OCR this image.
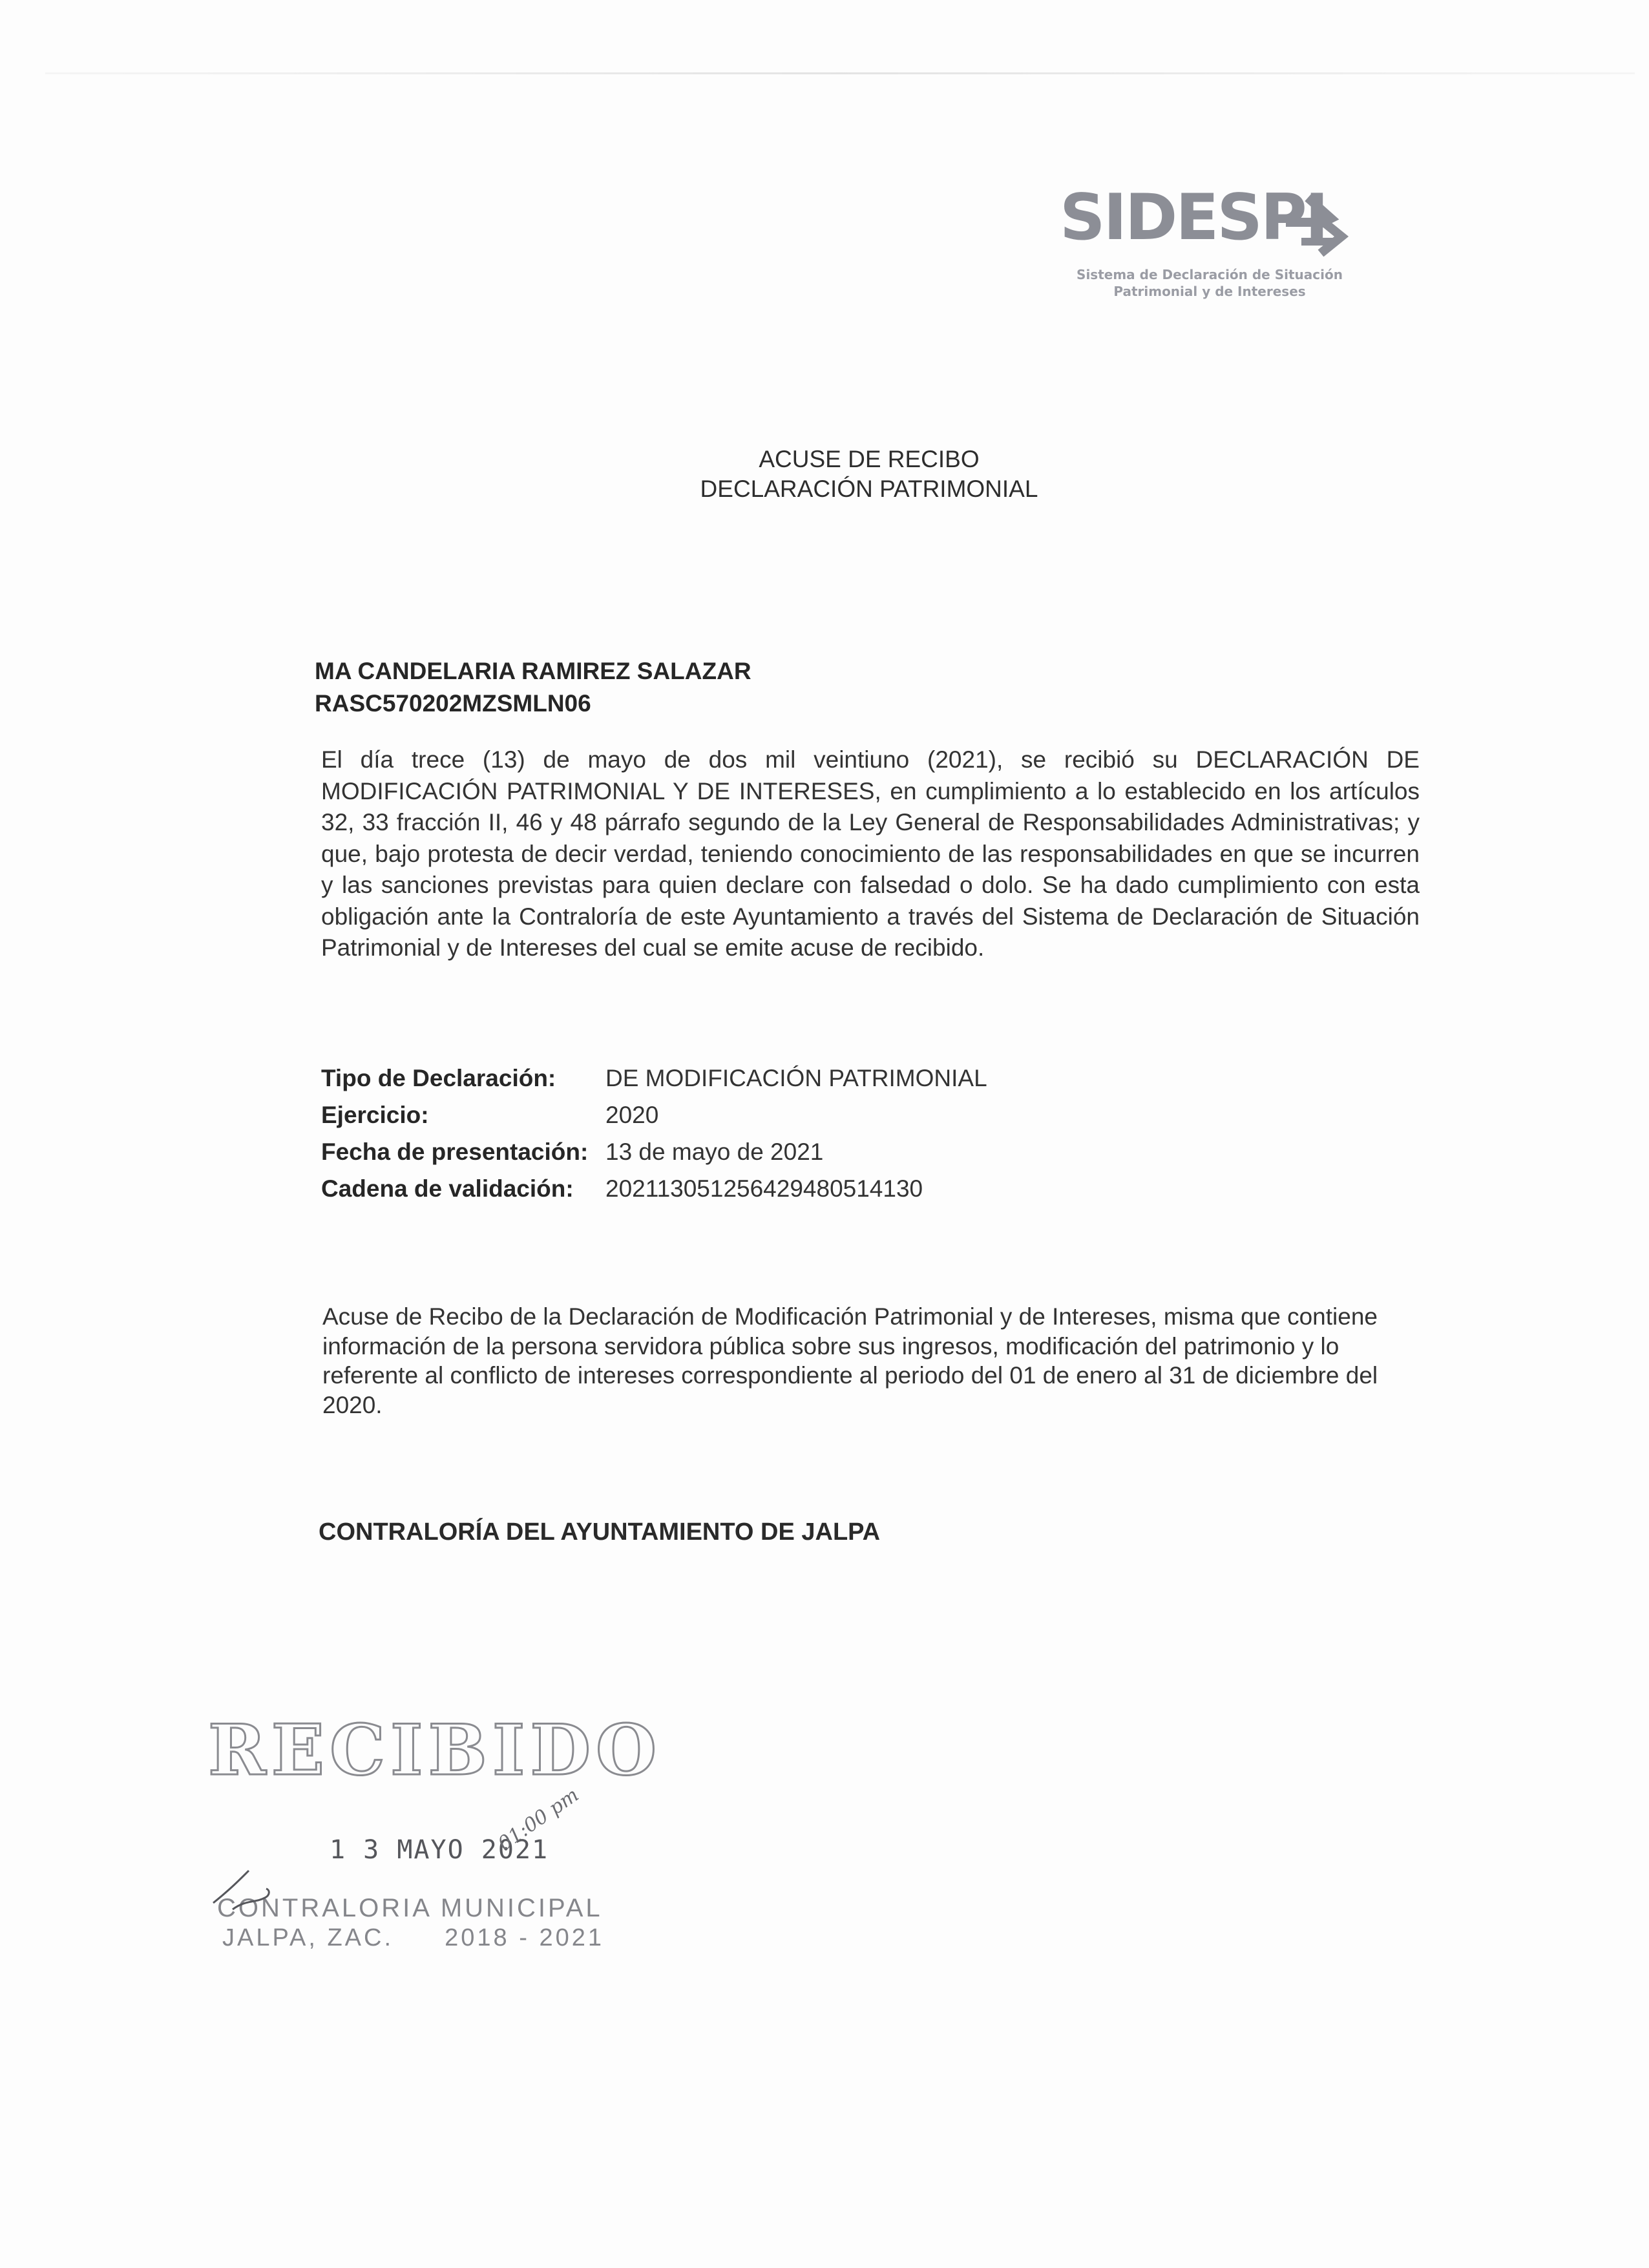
SIDESPI
Sistema de Declaración de Situación
Patrimonial y de Intereses
ACUSE DE RECIBO
DECLARACIÓN PATRIMONIAL
MA CANDELARIA RAMIREZ SALAZAR
RASC570202MZSMLN06
El día trece (13) de mayo de dos mil veintiuno (2021), se recibió su DECLARACIÓN DE MODIFICACIÓN PATRIMONIAL Y DE INTERESES, en cumplimiento a lo establecido en los artículos 32, 33 fracción II, 46 y 48 párrafo segundo de la Ley General de Responsabilidades Administrativas; y que, bajo protesta de decir verdad, teniendo conocimiento de las responsabilidades en que se incurren y las sanciones previstas para quien declare con falsedad o dolo. Se ha dado cumplimiento con esta obligación ante la Contraloría de este Ayuntamiento a través del Sistema de Declaración de Situación Patrimonial y de Intereses del cual se emite acuse de recibido.
Tipo de Declaración: DE MODIFICACIÓN PATRIMONIAL
Ejercicio:	2020
Fecha de presentación: 13 de mayo de 2021
Cadena de validación: 20211305125642948051413​0
Acuse de Recibo de la Declaración de Modificación Patrimonial y de Intereses, misma que contiene información de la persona servidora pública sobre sus ingresos, modificación del patrimonio y lo referente al conflicto de intereses correspondiente al periodo del 01 de enero al 31 de diciembre del 2020.
CONTRALORÍA DEL AYUNTAMIENTO DE JALPA
RECIBIDO
1 3 MAYO 2021
CONTRALORIA MUNICIPAL
JALPA, ZAC. 2018 - 2021
01:00 pm
